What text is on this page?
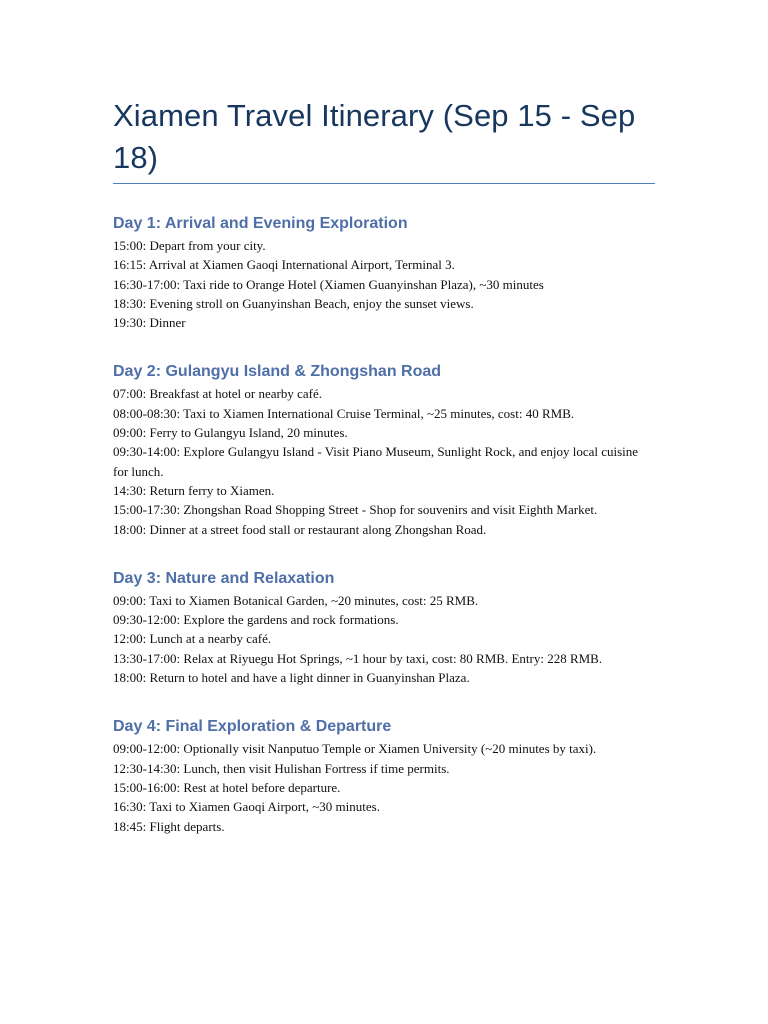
Xiamen Travel Itinerary (Sep 15 - Sep 18)
Day 1: Arrival and Evening Exploration
15:00: Depart from your city.
16:15: Arrival at Xiamen Gaoqi International Airport, Terminal 3.
16:30-17:00: Taxi ride to Orange Hotel (Xiamen Guanyinshan Plaza), ~30 minutes
18:30: Evening stroll on Guanyinshan Beach, enjoy the sunset views.
19:30: Dinner
Day 2: Gulangyu Island & Zhongshan Road
07:00: Breakfast at hotel or nearby café.
08:00-08:30: Taxi to Xiamen International Cruise Terminal, ~25 minutes, cost: 40 RMB.
09:00: Ferry to Gulangyu Island, 20 minutes.
09:30-14:00: Explore Gulangyu Island - Visit Piano Museum, Sunlight Rock, and enjoy local cuisine for lunch.
14:30: Return ferry to Xiamen.
15:00-17:30: Zhongshan Road Shopping Street - Shop for souvenirs and visit Eighth Market.
18:00: Dinner at a street food stall or restaurant along Zhongshan Road.
Day 3: Nature and Relaxation
09:00: Taxi to Xiamen Botanical Garden, ~20 minutes, cost: 25 RMB.
09:30-12:00: Explore the gardens and rock formations.
12:00: Lunch at a nearby café.
13:30-17:00: Relax at Riyuegu Hot Springs, ~1 hour by taxi, cost: 80 RMB. Entry: 228 RMB.
18:00: Return to hotel and have a light dinner in Guanyinshan Plaza.
Day 4: Final Exploration & Departure
09:00-12:00: Optionally visit Nanputuo Temple or Xiamen University (~20 minutes by taxi).
12:30-14:30: Lunch, then visit Hulishan Fortress if time permits.
15:00-16:00: Rest at hotel before departure.
16:30: Taxi to Xiamen Gaoqi Airport, ~30 minutes.
18:45: Flight departs.
